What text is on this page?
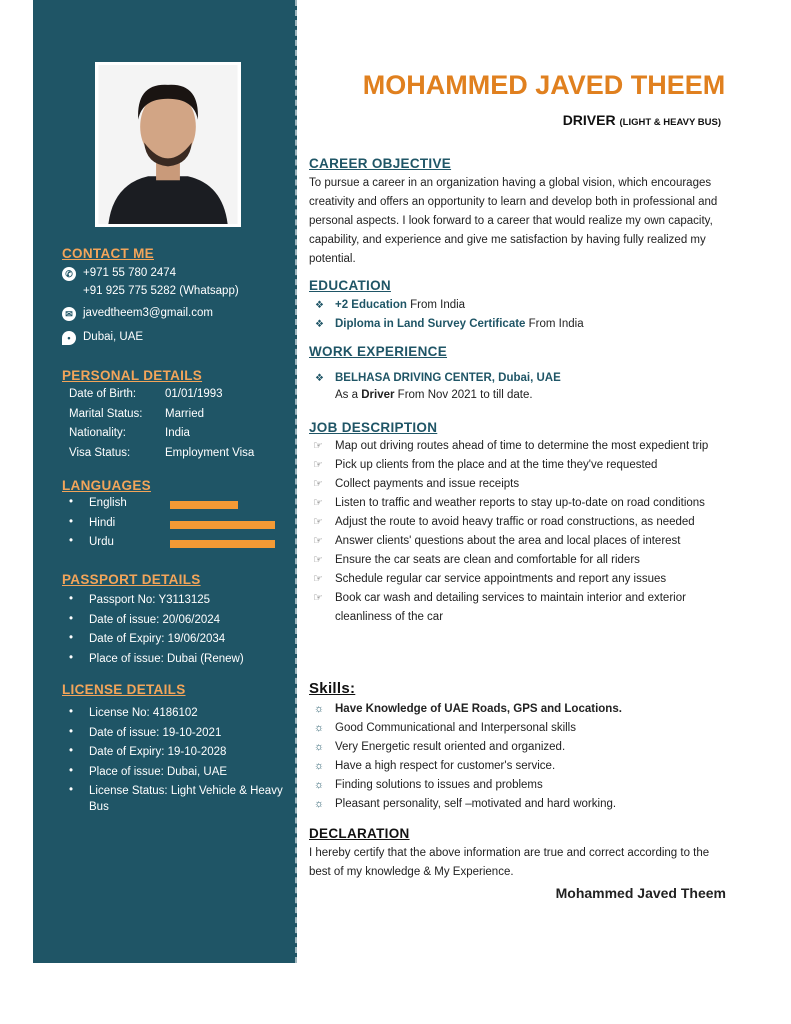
CONTACT ME
✆ +971 55 780 2474
+91 925 775 5282 (Whatsapp)
✉ javedtheem3@gmail.com
•	Dubai, UAE
PERSONAL DETAILS
Date of Birth:	01/01/1993
Marital Status:	Married
Nationality:	India
Visa Status:	Employment Visa
LANGUAGES
• English
• Hindi
• Urdu
PASSPORT DETAILS
• Passport No: Y3113125
• Date of issue: 20/06/2024
• Date of Expiry: 19/06/2034
• Place of issue: Dubai (Renew)
LICENSE DETAILS
• License No: 4186102
• Date of issue: 19-10-2021
• Date of Expiry: 19-10-2028
• Place of issue: Dubai, UAE
• License Status: Light Vehicle & Heavy Bus
MOHAMMED JAVED THEEM
DRIVER (LIGHT & HEAVY BUS)
CAREER OBJECTIVE
To pursue a career in an organization having a global vision, which encourages creativity and offers an opportunity to learn and develop both in professional and personal aspects. I look forward to a career that would realize my own capacity, capability, and experience and give me satisfaction by having fully realized my potential.
EDUCATION
❖ +2 Education From India
❖ Diploma in Land Survey Certificate From India
WORK EXPERIENCE
❖ BELHASA DRIVING CENTER, Dubai, UAE
As a Driver From Nov 2021 to till date.
JOB DESCRIPTION
☞ Map out driving routes ahead of time to determine the most expedient trip
☞ Pick up clients from the place and at the time they've requested
☞ Collect payments and issue receipts
☞ Listen to traffic and weather reports to stay up-to-date on road conditions
☞ Adjust the route to avoid heavy traffic or road constructions, as needed
☞ Answer clients' questions about the area and local places of interest
☞ Ensure the car seats are clean and comfortable for all riders
☞ Schedule regular car service appointments and report any issues
☞ Book car wash and detailing services to maintain interior and exterior cleanliness of the car
Skills:
☼ Have Knowledge of UAE Roads, GPS and Locations.
☼ Good Communicational and Interpersonal skills
☼ Very Energetic result oriented and organized.
☼ Have a high respect for customer's service.
☼ Finding solutions to issues and problems
☼ Pleasant personality, self –motivated and hard working.
DECLARATION
I hereby certify that the above information are true and correct according to the best of my knowledge & My Experience.
Mohammed Javed Theem
